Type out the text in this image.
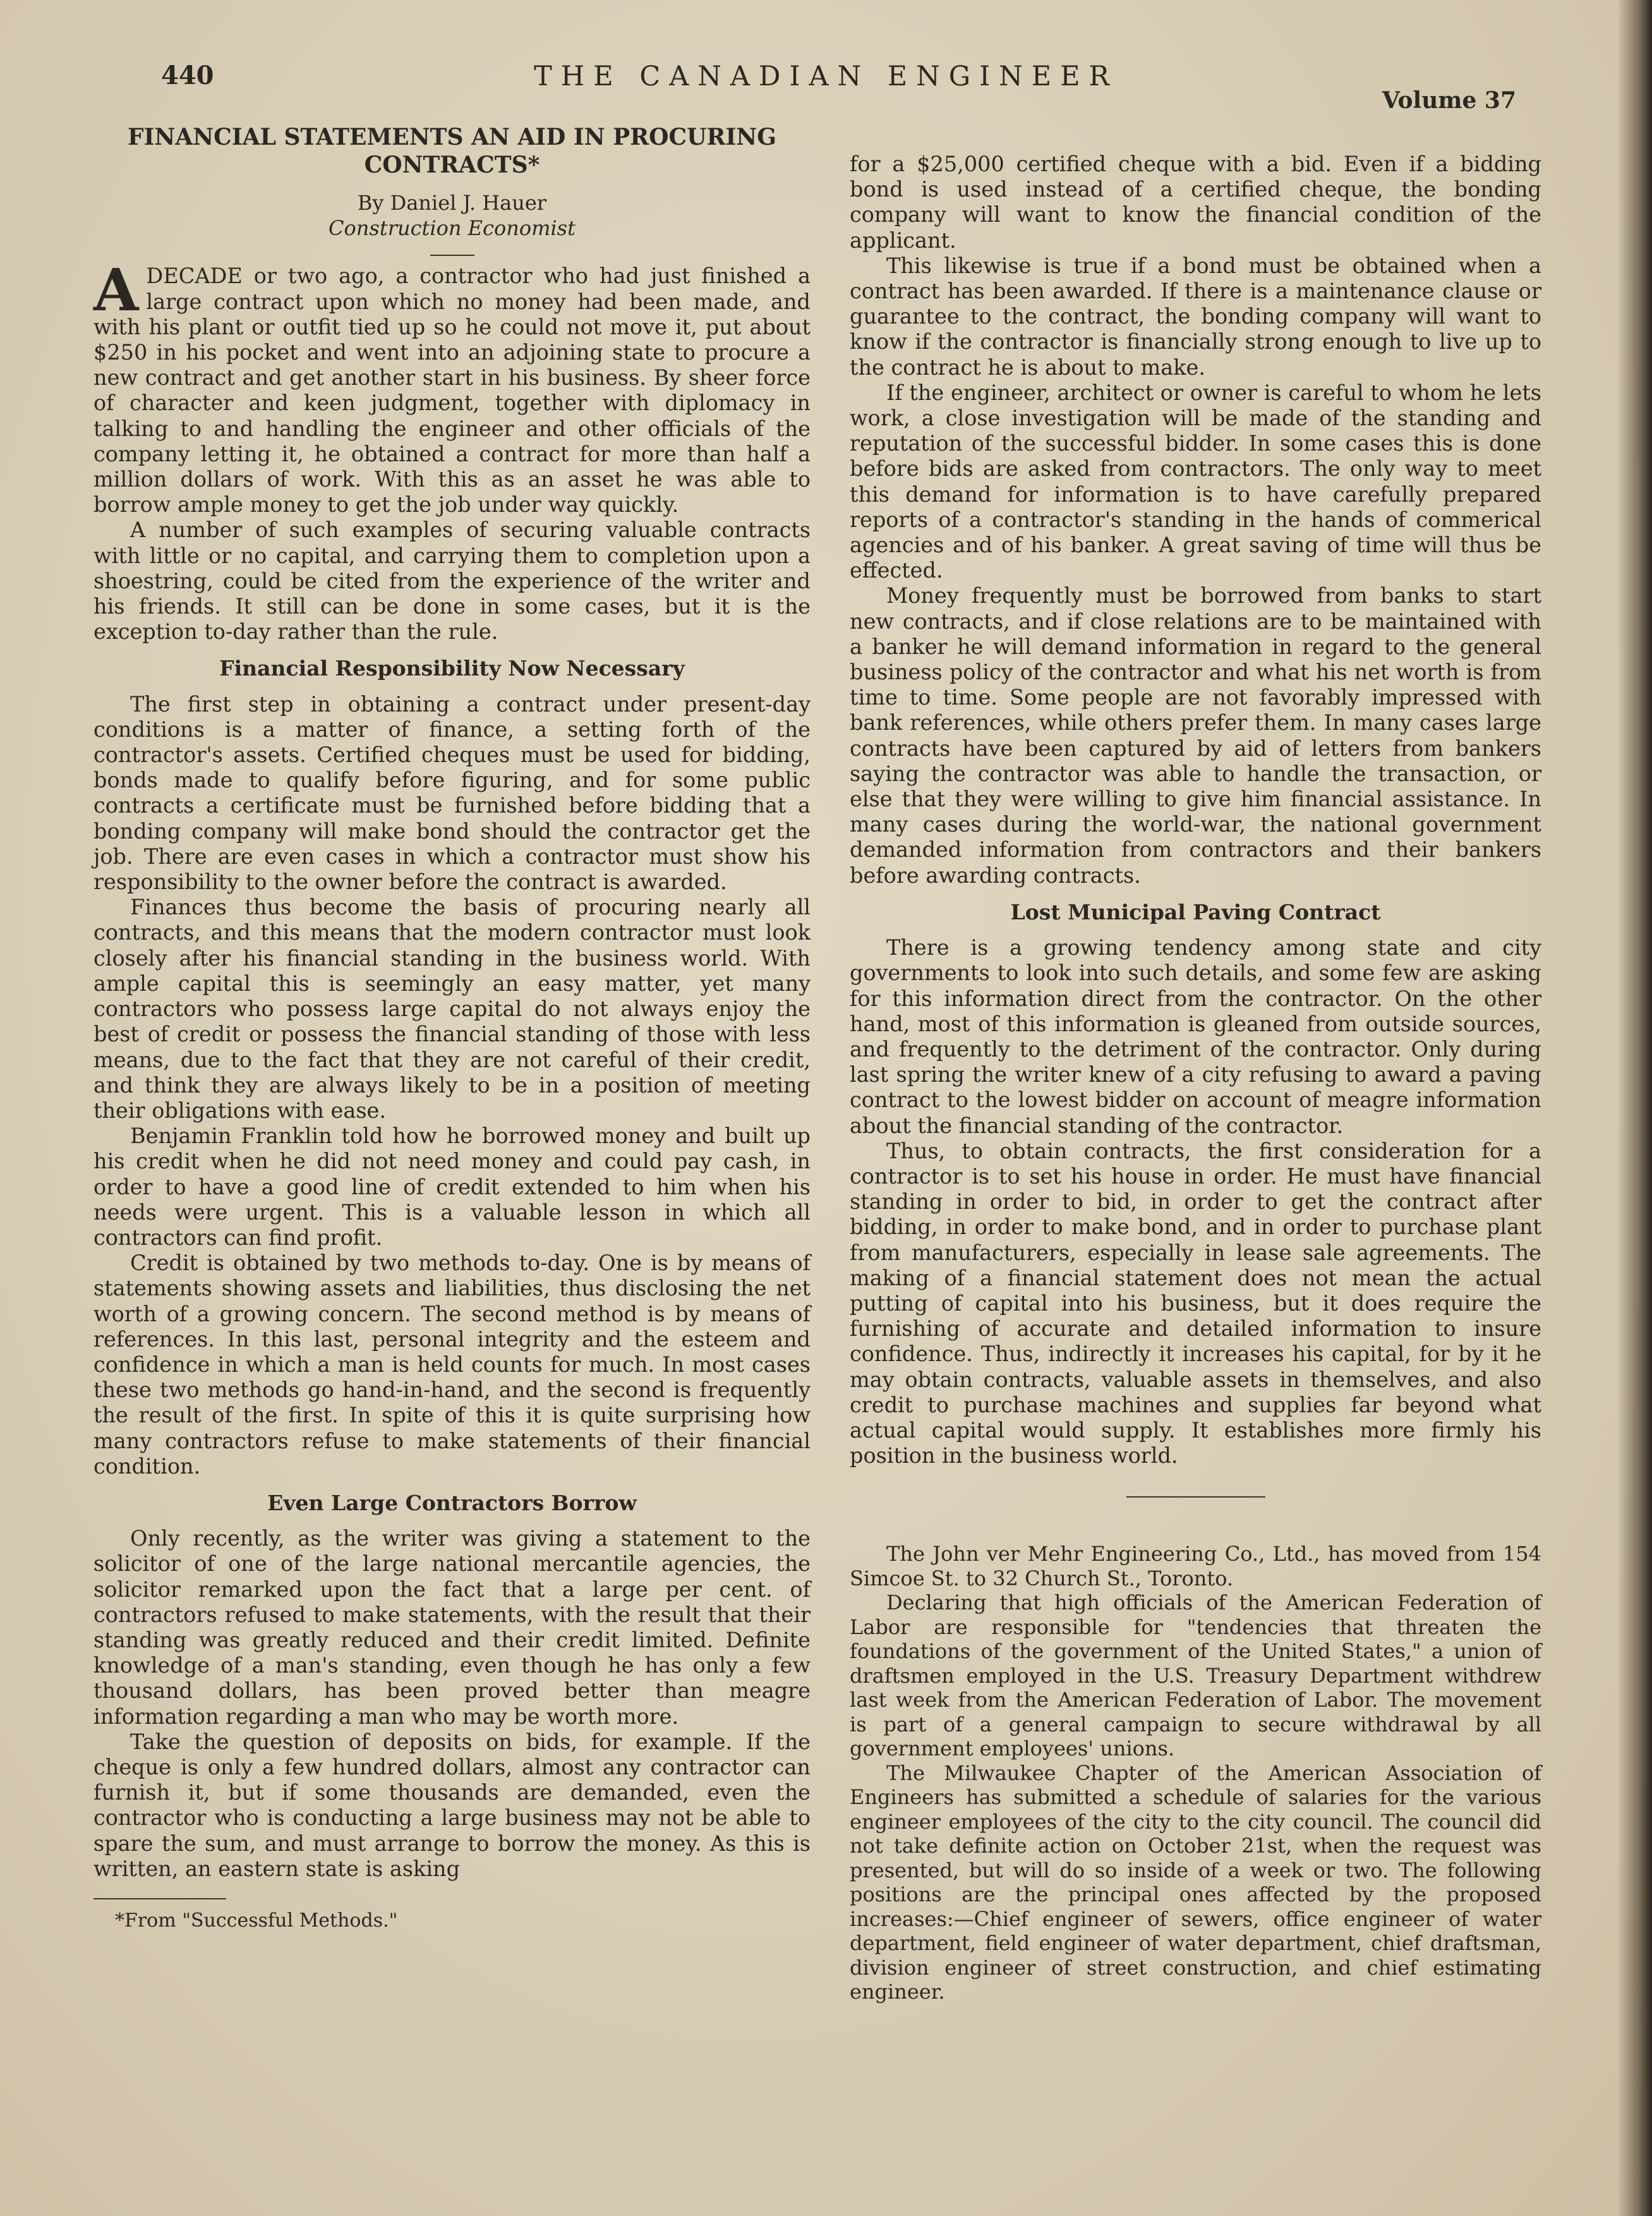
440	THE CANADIAN ENGINEER
Volume 37
FINANCIAL STATEMENTS AN AID IN PROCURING CONTRACTS*
By Daniel J. Hauer
Construction Economist

ADECADE or two ago, a contractor who had just finished a large contract upon which no money had been made, and with his plant or outfit tied up so he could not move it, put about $250 in his pocket and went into an adjoining state to procure a new contract and get another start in his business. By sheer force of character and keen judgment, together with diplomacy in talking to and handling the engineer and other officials of the company letting it, he obtained a contract for more than half a million dollars of work. With this as an asset he was able to borrow ample money to get the job under way quickly.

A number of such examples of securing valuable contracts with little or no capital, and carrying them to completion upon a shoestring, could be cited from the experience of the writer and his friends. It still can be done in some cases, but it is the exception to-day rather than the rule.

Financial Responsibility Now Necessary

The first step in obtaining a contract under present-day conditions is a matter of finance, a setting forth of the contractor's assets. Certified cheques must be used for bidding, bonds made to qualify before figuring, and for some public contracts a certificate must be furnished before bidding that a bonding company will make bond should the contractor get the job. There are even cases in which a contractor must show his responsibility to the owner before the contract is awarded.

Finances thus become the basis of procuring nearly all contracts, and this means that the modern contractor must look closely after his financial standing in the business world. With ample capital this is seemingly an easy matter, yet many contractors who possess large capital do not always enjoy the best of credit or possess the financial standing of those with less means, due to the fact that they are not careful of their credit, and think they are always likely to be in a position of meeting their obligations with ease.

Benjamin Franklin told how he borrowed money and built up his credit when he did not need money and could pay cash, in order to have a good line of credit extended to him when his needs were urgent. This is a valuable lesson in which all contractors can find profit.

Credit is obtained by two methods to-day. One is by means of statements showing assets and liabilities, thus disclosing the net worth of a growing concern. The second method is by means of references. In this last, personal integrity and the esteem and confidence in which a man is held counts for much. In most cases these two methods go hand-in-hand, and the second is frequently the result of the first. In spite of this it is quite surprising how many contractors refuse to make statements of their financial condition.

Even Large Contractors Borrow

Only recently, as the writer was giving a statement to the solicitor of one of the large national mercantile agencies, the solicitor remarked upon the fact that a large per cent. of contractors refused to make statements, with the result that their standing was greatly reduced and their credit limited. Definite knowledge of a man's standing, even though he has only a few thousand dollars, has been proved better than meagre information regarding a man who may be worth more.

Take the question of deposits on bids, for example. If the cheque is only a few hundred dollars, almost any contractor can furnish it, but if some thousands are demanded, even the contractor who is conducting a large business may not be able to spare the sum, and must arrange to borrow the money. As this is written, an eastern state is asking

*From "Successful Methods."

for a $25,000 certified cheque with a bid. Even if a bidding bond is used instead of a certified cheque, the bonding company will want to know the financial condition of the applicant.

This likewise is true if a bond must be obtained when a contract has been awarded. If there is a maintenance clause or guarantee to the contract, the bonding company will want to know if the contractor is financially strong enough to live up to the contract he is about to make.

If the engineer, architect or owner is careful to whom he lets work, a close investigation will be made of the standing and reputation of the successful bidder. In some cases this is done before bids are asked from contractors. The only way to meet this demand for information is to have carefully prepared reports of a contractor's standing in the hands of commerical agencies and of his banker. A great saving of time will thus be effected.

Money frequently must be borrowed from banks to start new contracts, and if close relations are to be maintained with a banker he will demand information in regard to the general business policy of the contractor and what his net worth is from time to time. Some people are not favorably impressed with bank references, while others prefer them. In many cases large contracts have been captured by aid of letters from bankers saying the contractor was able to handle the transaction, or else that they were willing to give him financial assistance. In many cases during the world-war, the national government demanded information from contractors and their bankers before awarding contracts.

Lost Municipal Paving Contract

There is a growing tendency among state and city governments to look into such details, and some few are asking for this information direct from the contractor. On the other hand, most of this information is gleaned from outside sources, and frequently to the detriment of the contractor. Only during last spring the writer knew of a city refusing to award a paving contract to the lowest bidder on account of meagre information about the financial standing of the contractor.

Thus, to obtain contracts, the first consideration for a contractor is to set his house in order. He must have financial standing in order to bid, in order to get the contract after bidding, in order to make bond, and in order to purchase plant from manufacturers, especially in lease sale agreements. The making of a financial statement does not mean the actual putting of capital into his business, but it does require the furnishing of accurate and detailed information to insure confidence. Thus, indirectly it increases his capital, for by it he may obtain contracts, valuable assets in themselves, and also credit to purchase machines and supplies far beyond what actual capital would supply. It establishes more firmly his position in the business world.

The John ver Mehr Engineering Co., Ltd., has moved from 154 Simcoe St. to 32 Church St., Toronto.

Declaring that high officials of the American Federation of Labor are responsible for "tendencies that threaten the foundations of the government of the United States," a union of draftsmen employed in the U.S. Treasury Department withdrew last week from the American Federation of Labor. The movement is part of a general campaign to secure withdrawal by all government employees' unions.

The Milwaukee Chapter of the American Association of Engineers has submitted a schedule of salaries for the various engineer employees of the city to the city council. The council did not take definite action on October 21st, when the request was presented, but will do so inside of a week or two. The following positions are the principal ones affected by the proposed increases:—Chief engineer of sewers, office engineer of water department, field engineer of water department, chief draftsman, division engineer of street construction, and chief estimating engineer.
